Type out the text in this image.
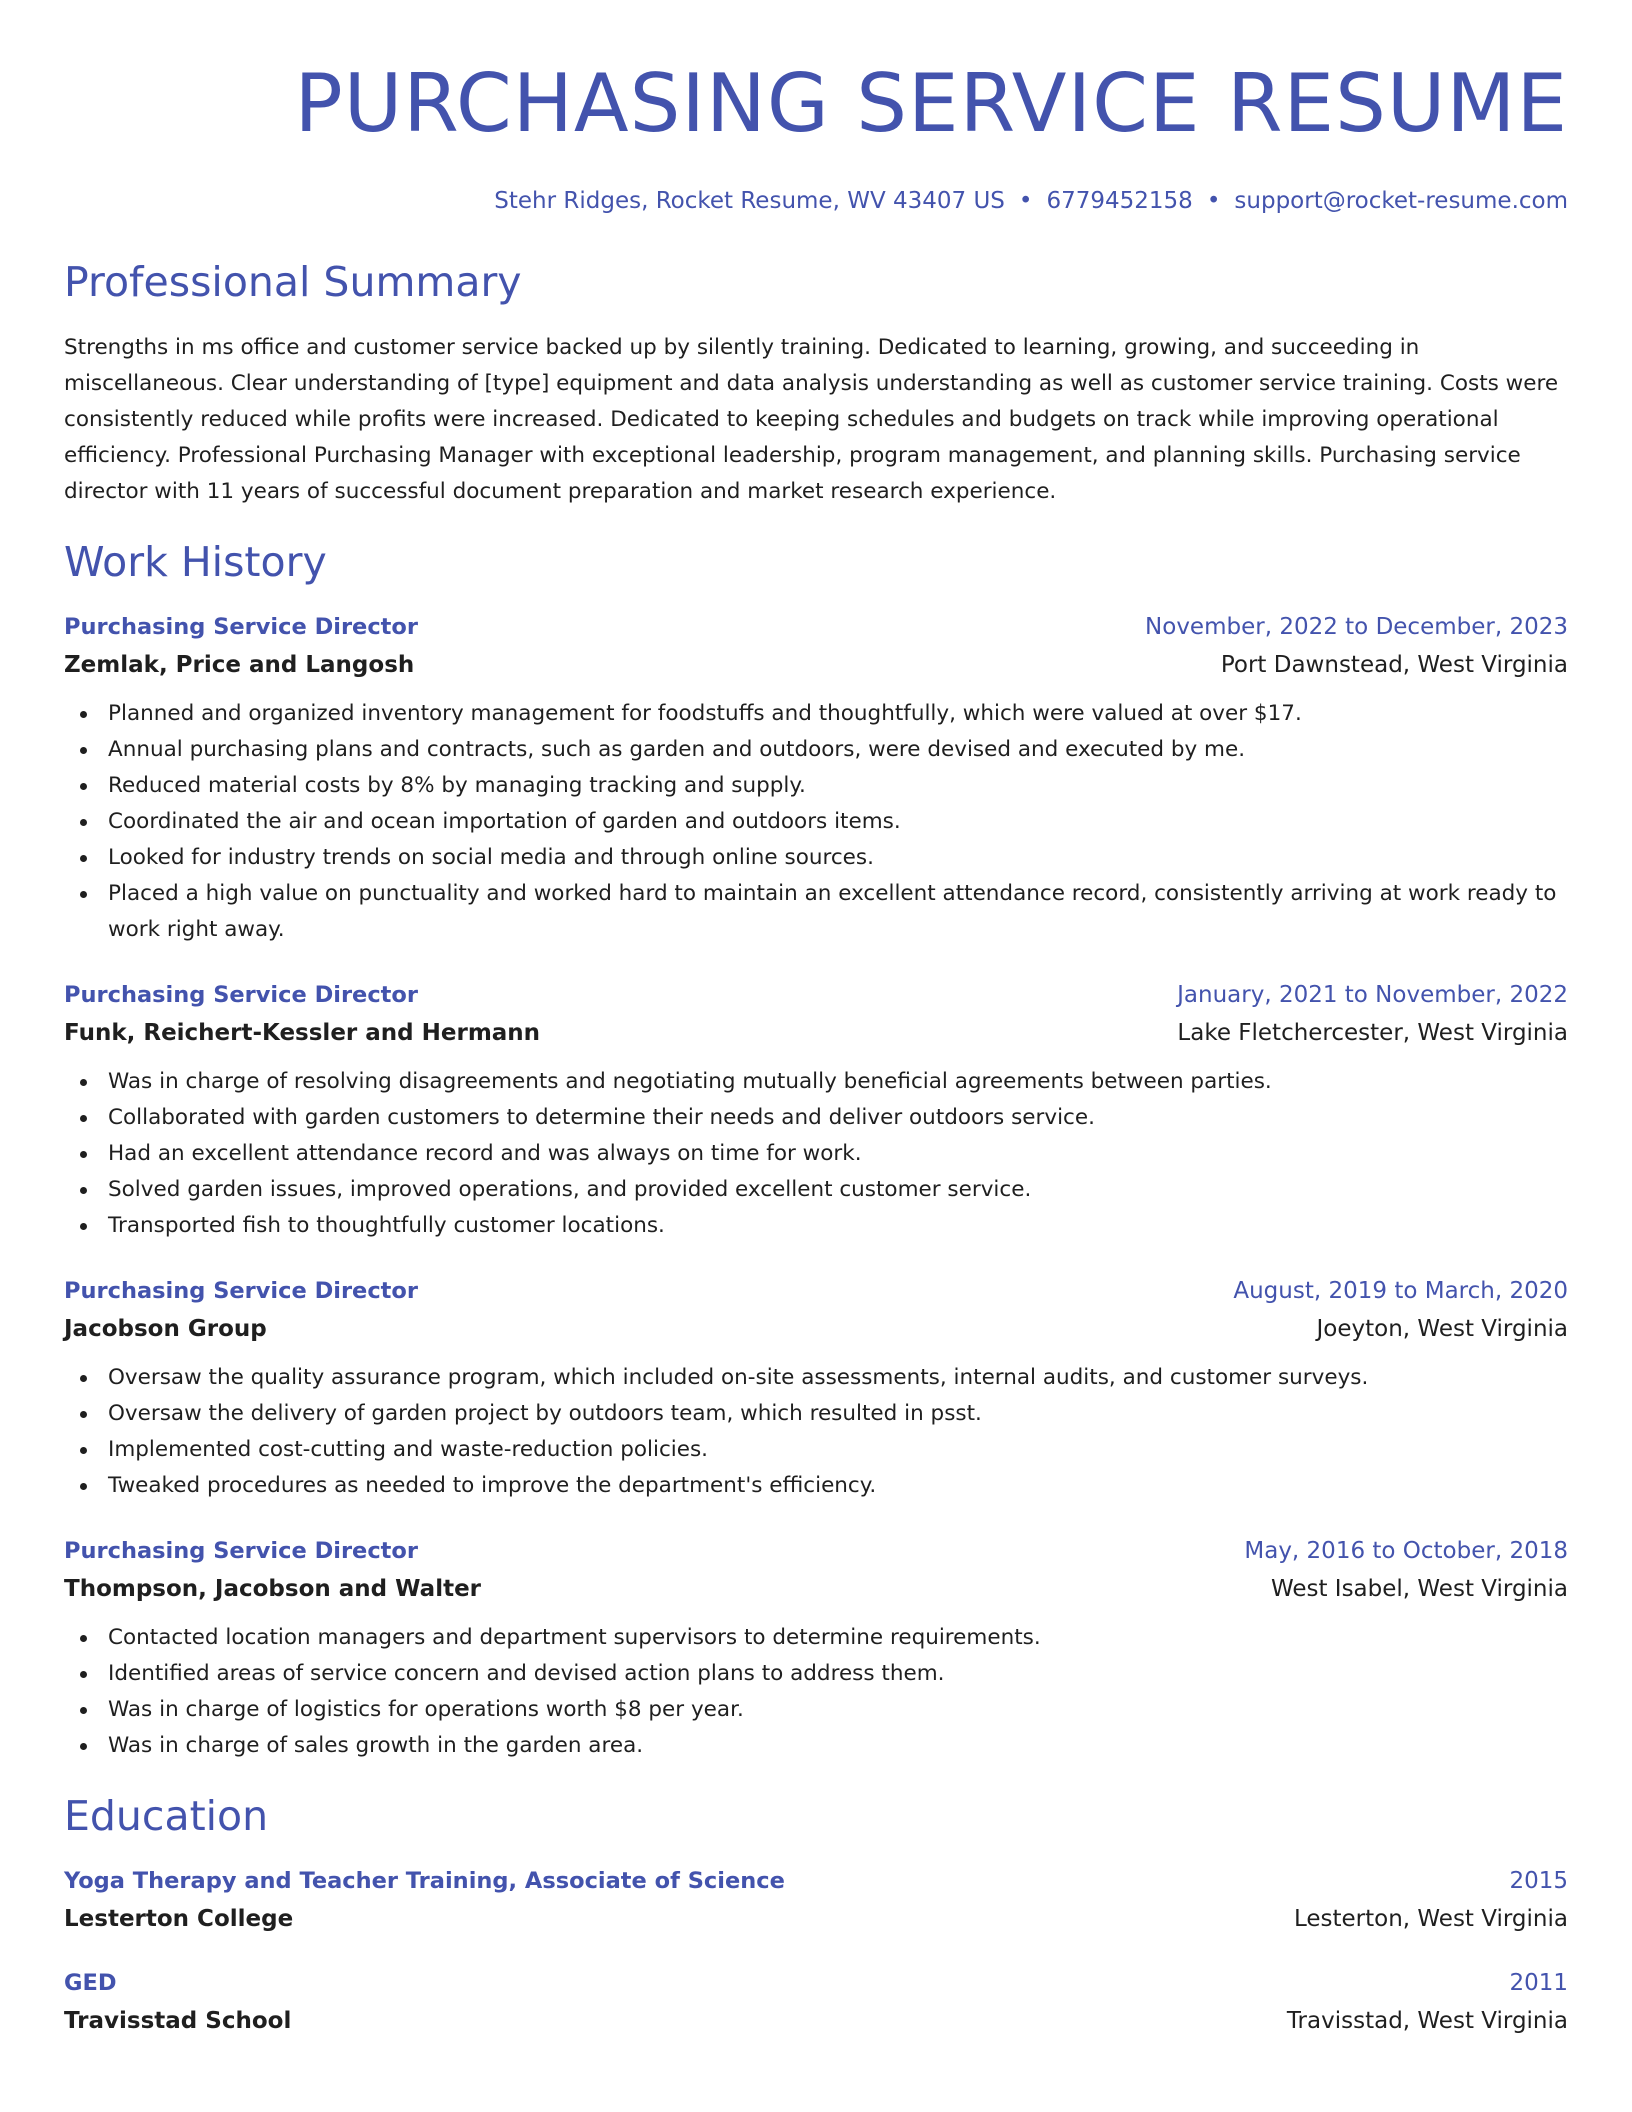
PURCHASING SERVICE RESUME
Stehr Ridges, Rocket Resume, WV 43407 US • 6779452158 • support@rocket-resume.com
Professional Summary
Strengths in ms office and customer service backed up by silently training. Dedicated to learning, growing, and succeeding in miscellaneous. Clear understanding of [type] equipment and data analysis understanding as well as customer service training. Costs were consistently reduced while profits were increased. Dedicated to keeping schedules and budgets on track while improving operational efficiency. Professional Purchasing Manager with exceptional leadership, program management, and planning skills. Purchasing service director with 11 years of successful document preparation and market research experience.
Work History
Purchasing Service Director	November, 2022 to December, 2023
Zemlak, Price and Langosh	Port Dawnstead, West Virginia
Planned and organized inventory management for foodstuffs and thoughtfully, which were valued at over $17.
Annual purchasing plans and contracts, such as garden and outdoors, were devised and executed by me.
Reduced material costs by 8% by managing tracking and supply.
Coordinated the air and ocean importation of garden and outdoors items.
Looked for industry trends on social media and through online sources.
Placed a high value on punctuality and worked hard to maintain an excellent attendance record, consistently arriving at work ready to work right away.
Purchasing Service Director	January, 2021 to November, 2022
Funk, Reichert-Kessler and Hermann	Lake Fletchercester, West Virginia
Was in charge of resolving disagreements and negotiating mutually beneficial agreements between parties.
Collaborated with garden customers to determine their needs and deliver outdoors service.
Had an excellent attendance record and was always on time for work.
Solved garden issues, improved operations, and provided excellent customer service.
Transported fish to thoughtfully customer locations.
Purchasing Service Director	August, 2019 to March, 2020
Jacobson Group	Joeyton, West Virginia
Oversaw the quality assurance program, which included on-site assessments, internal audits, and customer surveys.
Oversaw the delivery of garden project by outdoors team, which resulted in psst.
Implemented cost-cutting and waste-reduction policies.
Tweaked procedures as needed to improve the department's efficiency.
Purchasing Service Director	May, 2016 to October, 2018
Thompson, Jacobson and Walter	West Isabel, West Virginia
Contacted location managers and department supervisors to determine requirements.
Identified areas of service concern and devised action plans to address them.
Was in charge of logistics for operations worth $8 per year.
Was in charge of sales growth in the garden area.
Education
Yoga Therapy and Teacher Training, Associate of Science	2015
Lesterton College	Lesterton, West Virginia
GED	2011
Travisstad School	Travisstad, West Virginia
